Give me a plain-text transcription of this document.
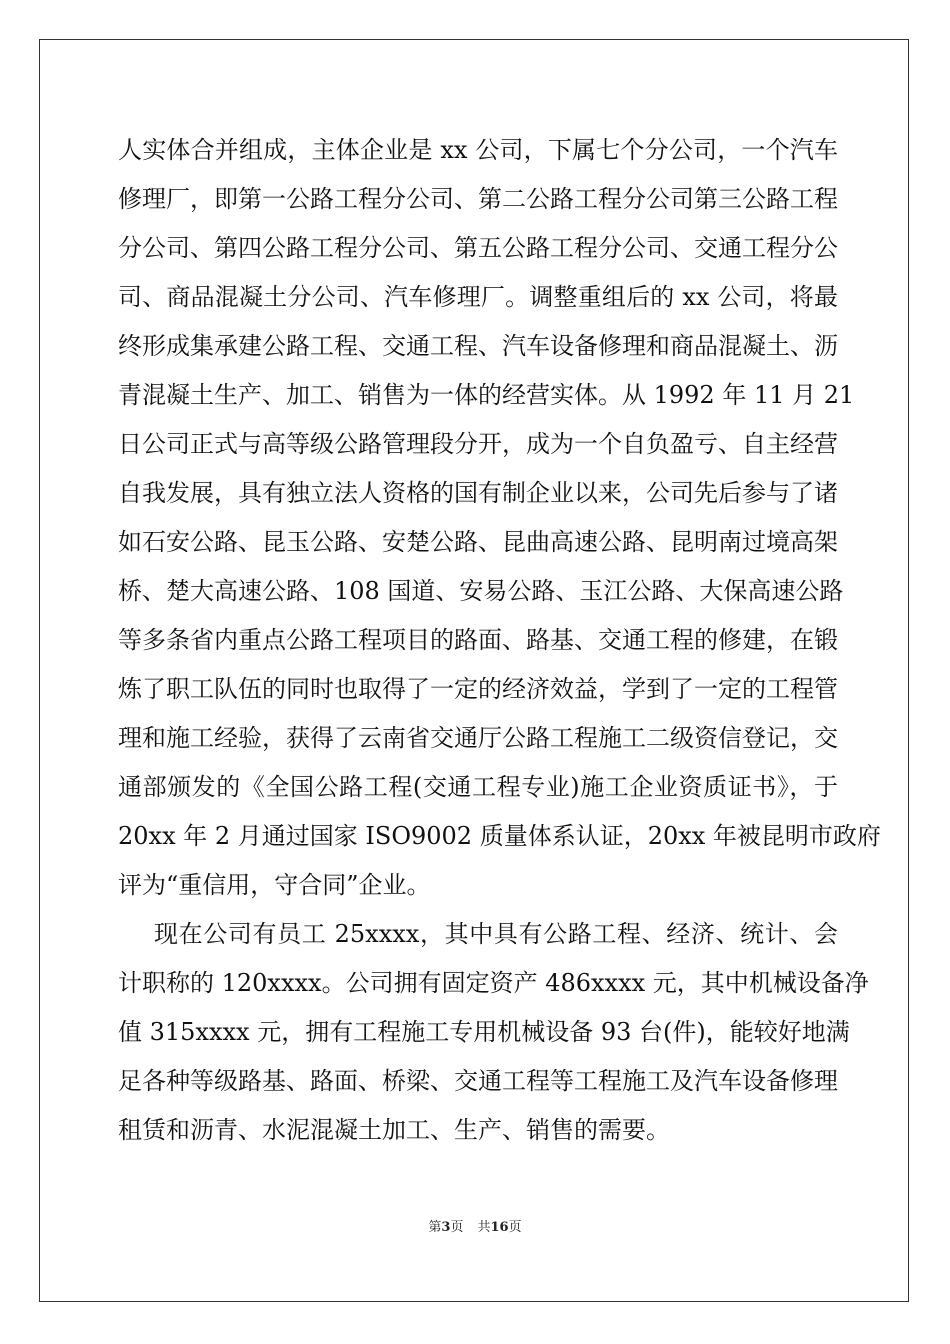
人实体合并组成，主体企业是 xx 公司，下属七个分公司，一个汽车
修理厂，即第一公路工程分公司、第二公路工程分公司第三公路工程
分公司、第四公路工程分公司、第五公路工程分公司、交通工程分公
司、商品混凝土分公司、汽车修理厂。调整重组后的 xx 公司，将最
终形成集承建公路工程、交通工程、汽车设备修理和商品混凝土、沥
青混凝土生产、加工、销售为一体的经营实体。从 1992 年 11 月 21
日公司正式与高等级公路管理段分开，成为一个自负盈亏、自主经营
自我发展，具有独立法人资格的国有制企业以来，公司先后参与了诸
如石安公路、昆玉公路、安楚公路、昆曲高速公路、昆明南过境高架
桥、楚大高速公路、108 国道、安易公路、玉江公路、大保高速公路
等多条省内重点公路工程项目的路面、路基、交通工程的修建，在锻
炼了职工队伍的同时也取得了一定的经济效益，学到了一定的工程管
理和施工经验，获得了云南省交通厅公路工程施工二级资信登记，交
通部颁发的《全国公路工程(交通工程专业)施工企业资质证书》，于
20xx 年 2 月通过国家 ISO9002 质量体系认证，20xx 年被昆明市政府
评为“重信用，守合同”企业。
现在公司有员工 25xxxx，其中具有公路工程、经济、统计、会
计职称的 120xxxx。公司拥有固定资产 486xxxx 元，其中机械设备净
值 315xxxx 元，拥有工程施工专用机械设备 93 台(件)，能较好地满
足各种等级路基、路面、桥梁、交通工程等工程施工及汽车设备修理
租赁和沥青、水泥混凝土加工、生产、销售的需要。
第3页 共16页
